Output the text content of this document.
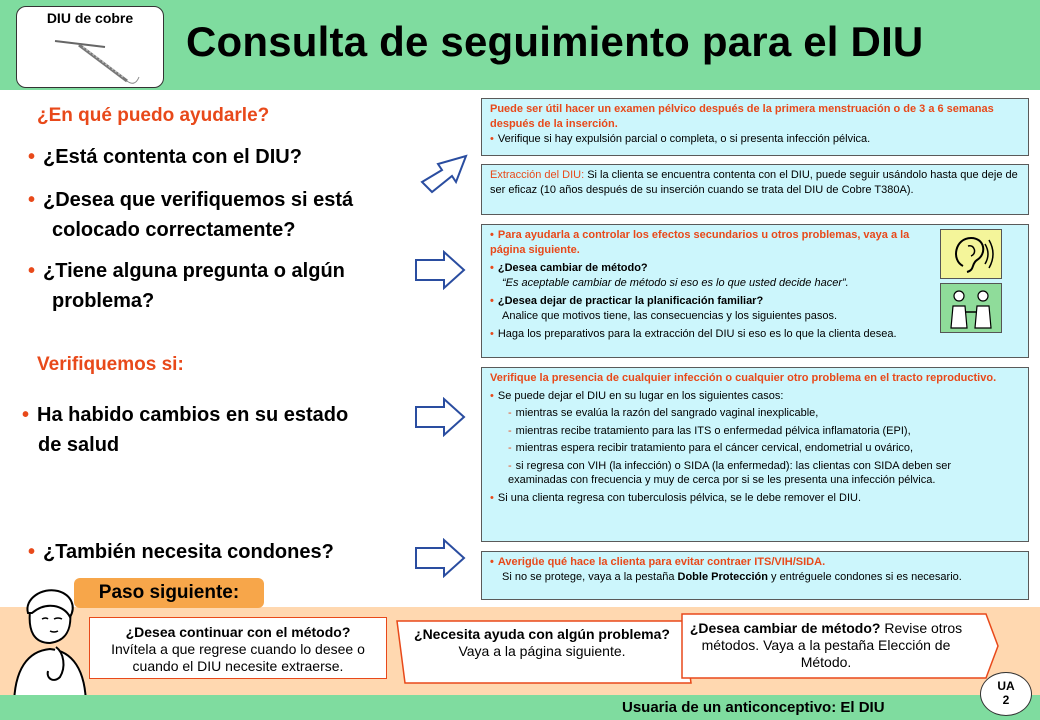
DIU de cobre	Consulta de seguimiento para el DIU
¿En qué puedo ayudarle?
• ¿Está contenta con el DIU?
• ¿Desea que verifiquemos si está
colocado correctamente?
• ¿Tiene alguna pregunta o algún
problema?
Verifiquemos si:
• Ha habido cambios en su estado
de salud
• ¿También necesita condones?

Puede ser útil hacer un examen pélvico después de la primera menstruación o de 3 a 6 semanas después de la inserción.

• Verifique si hay expulsión parcial o completa, o si presenta infección pélvica.

Extracción del DIU: Si la clienta se encuentra contenta con el DIU, puede seguir usándolo hasta que deje de ser eficaz (10 años después de su inserción cuando se trata del DIU de Cobre T380A).

• Para ayudarla a controlar los efectos secundarios u otros problemas, vaya a la página siguiente.

• ¿Desea cambiar de método?

“Es aceptable cambiar de método si eso es lo que usted decide hacer”.

• ¿Desea dejar de practicar la planificación familiar?

Analice que motivos tiene, las consecuencias y los siguientes pasos.

• Haga los preparativos para la extracción del DIU si eso es lo que la clienta desea.

Verifique la presencia de cualquier infección o cualquier otro problema en el tracto reproductivo.

• Se puede dejar el DIU en su lugar en los siguientes casos:

- mientras se evalúa la razón del sangrado vaginal inexplicable,

- mientras recibe tratamiento para las ITS o enfermedad pélvica inflamatoria (EPI),

- mientras espera recibir tratamiento para el cáncer cervical, endometrial u ovárico,

- si regresa con VIH (la infección) o SIDA (la enfermedad): las clientas con SIDA deben ser examinadas con frecuencia y muy de cerca por si se les presenta una infección pélvica.

• Si una clienta regresa con tuberculosis pélvica, se le debe remover el DIU.

• Averigüe qué hace la clienta para evitar contraer ITS/VIH/SIDA.

Si no se protege, vaya a la pestaña Doble Protección y entréguele condones si es necesario.

Paso siguiente:
¿Desea continuar con el método?
Invítela a que regrese cuando lo desee o cuando el DIU necesite extraerse.
¿Necesita ayuda con algún problema? Vaya a la página siguiente.
¿Desea cambiar de método? Revise otros métodos. Vaya a la pestaña Elección de Método.
Usuaria de un anticonceptivo: El DIU
UA
2
